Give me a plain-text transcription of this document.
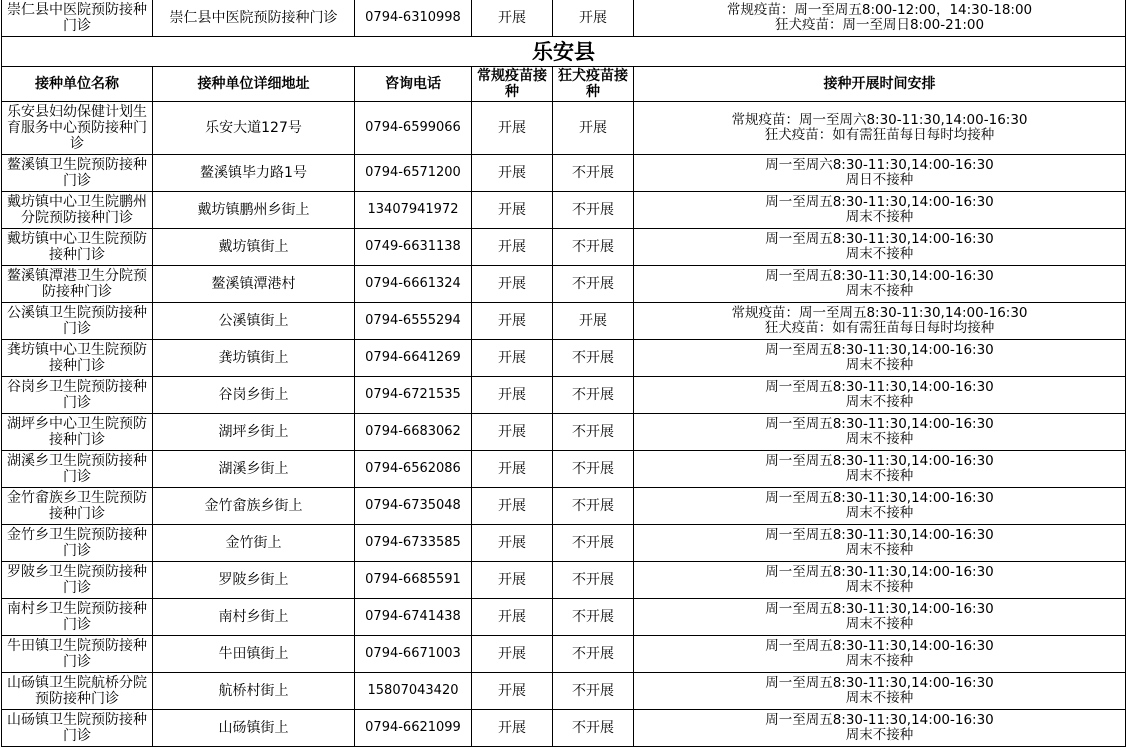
崇仁县中医院预防接种门诊	崇仁县中医院预防接种门诊	0794-6310998	开展	开展	常规疫苗：周一至周五8:00-12:00，14:30-18:00
狂犬疫苗：周一至周日8:00-21:00

乐安县					
接种单位名称	接种单位详细地址	咨询电话	常规疫苗接种	狂犬疫苗接种	接种开展时间安排
乐安县妇幼保健计划生育服务中心预防接种门诊	乐安大道127号	0794-6599066	开展	开展	常规疫苗：周一至周六8:30-11:30,14:00-16:30
狂犬疫苗：如有需狂苗每日每时均接种

鳌溪镇卫生院预防接种门诊	鳌溪镇毕力路1号	0794-6571200	开展	不开展	周一至周六8:30-11:30,14:00-16:30
周日不接种

戴坊镇中心卫生院鹏州分院预防接种门诊	戴坊镇鹏州乡街上	13407941972	开展	不开展	周一至周五8:30-11:30,14:00-16:30
周末不接种

戴坊镇中心卫生院预防接种门诊	戴坊镇街上	0749-6631138	开展	不开展	周一至周五8:30-11:30,14:00-16:30
周末不接种

鳌溪镇潭港卫生分院预防接种门诊	鳌溪镇潭港村	0794-6661324	开展	不开展	周一至周五8:30-11:30,14:00-16:30
周末不接种

公溪镇卫生院预防接种门诊	公溪镇街上	0794-6555294	开展	开展	常规疫苗：周一至周五8:30-11:30,14:00-16:30
狂犬疫苗：如有需狂苗每日每时均接种

龚坊镇中心卫生院预防接种门诊	龚坊镇街上	0794-6641269	开展	不开展	周一至周五8:30-11:30,14:00-16:30
周末不接种

谷岗乡卫生院预防接种门诊	谷岗乡街上	0794-6721535	开展	不开展	周一至周五8:30-11:30,14:00-16:30
周末不接种

湖坪乡中心卫生院预防接种门诊	湖坪乡街上	0794-6683062	开展	不开展	周一至周五8:30-11:30,14:00-16:30
周末不接种

湖溪乡卫生院预防接种门诊	湖溪乡街上	0794-6562086	开展	不开展	周一至周五8:30-11:30,14:00-16:30
周末不接种

金竹畲族乡卫生院预防接种门诊	金竹畲族乡街上	0794-6735048	开展	不开展	周一至周五8:30-11:30,14:00-16:30
周末不接种

金竹乡卫生院预防接种门诊	金竹街上	0794-6733585	开展	不开展	周一至周五8:30-11:30,14:00-16:30
周末不接种

罗陂乡卫生院预防接种门诊	罗陂乡街上	0794-6685591	开展	不开展	周一至周五8:30-11:30,14:00-16:30
周末不接种

南村乡卫生院预防接种门诊	南村乡街上	0794-6741438	开展	不开展	周一至周五8:30-11:30,14:00-16:30
周末不接种

牛田镇卫生院预防接种门诊	牛田镇街上	0794-6671003	开展	不开展	周一至周五8:30-11:30,14:00-16:30
周末不接种

山砀镇卫生院航桥分院预防接种门诊	航桥村街上	15807043420	开展	不开展	周一至周五8:30-11:30,14:00-16:30
周末不接种

山砀镇卫生院预防接种门诊	山砀镇街上	0794-6621099	开展	不开展	周一至周五8:30-11:30,14:00-16:30
周末不接种
